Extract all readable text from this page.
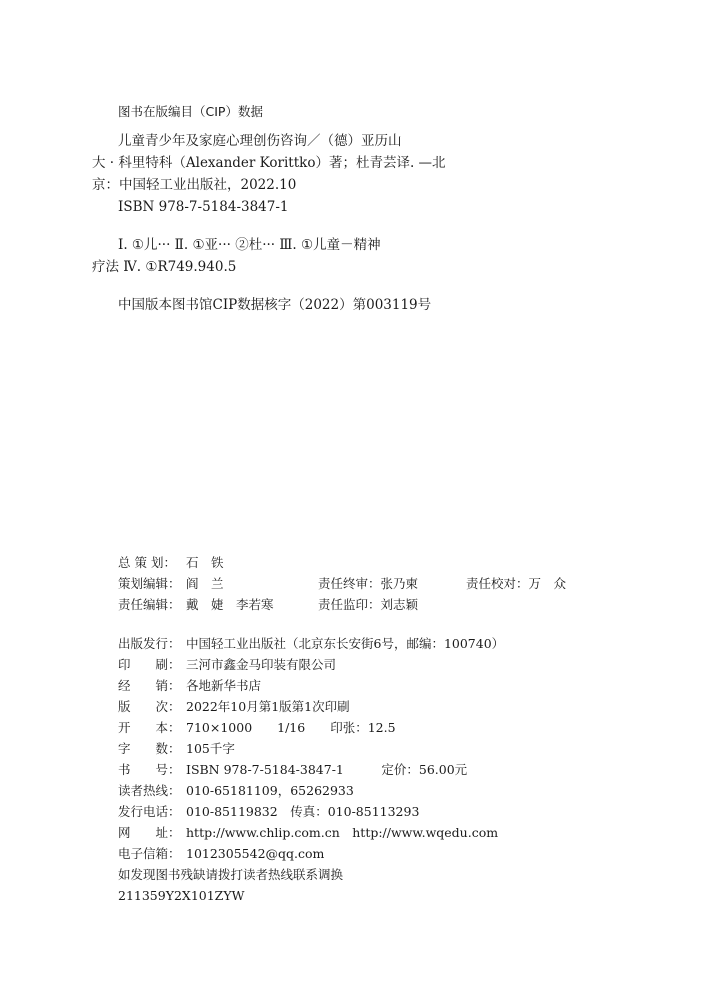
图书在版编目（CIP）数据
儿童青少年及家庭心理创伤咨询／（德）亚历山
大 · 科里特科（Alexander Korittko）著；杜青芸译. —北
京：中国轻工业出版社，2022.10
ISBN 978-7-5184-3847-1
Ⅰ. ①儿··· Ⅱ. ①亚··· ②杜··· Ⅲ. ①儿童－精神
疗法 Ⅳ. ①R749.940.5
中国版本图书馆CIP数据核字（2022）第003119号
总 策 划： 石　铁
策划编辑： 阎　兰	责任终审：张乃柬	责任校对：万　众
责任编辑： 戴　婕　李若寒	责任监印：刘志颖
出版发行： 中国轻工业出版社（北京东长安街6号，邮编：100740）
印　　刷： 三河市鑫金马印装有限公司
经　　销： 各地新华书店
版　　次： 2022年10月第1版第1次印刷
开　　本： 710×1000　　1/16　　印张：12.5
字　　数： 105千字
书　　号： ISBN 978-7-5184-3847-1　　　定价：56.00元
读者热线： 010-65181109，65262933
发行电话： 010-85119832　传真：010-85113293
网　　址： http://www.chlip.com.cn　http://www.wqedu.com
电子信箱： 1012305542@qq.com
如发现图书残缺请拨打读者热线联系调换
211359Y2X101ZYW
